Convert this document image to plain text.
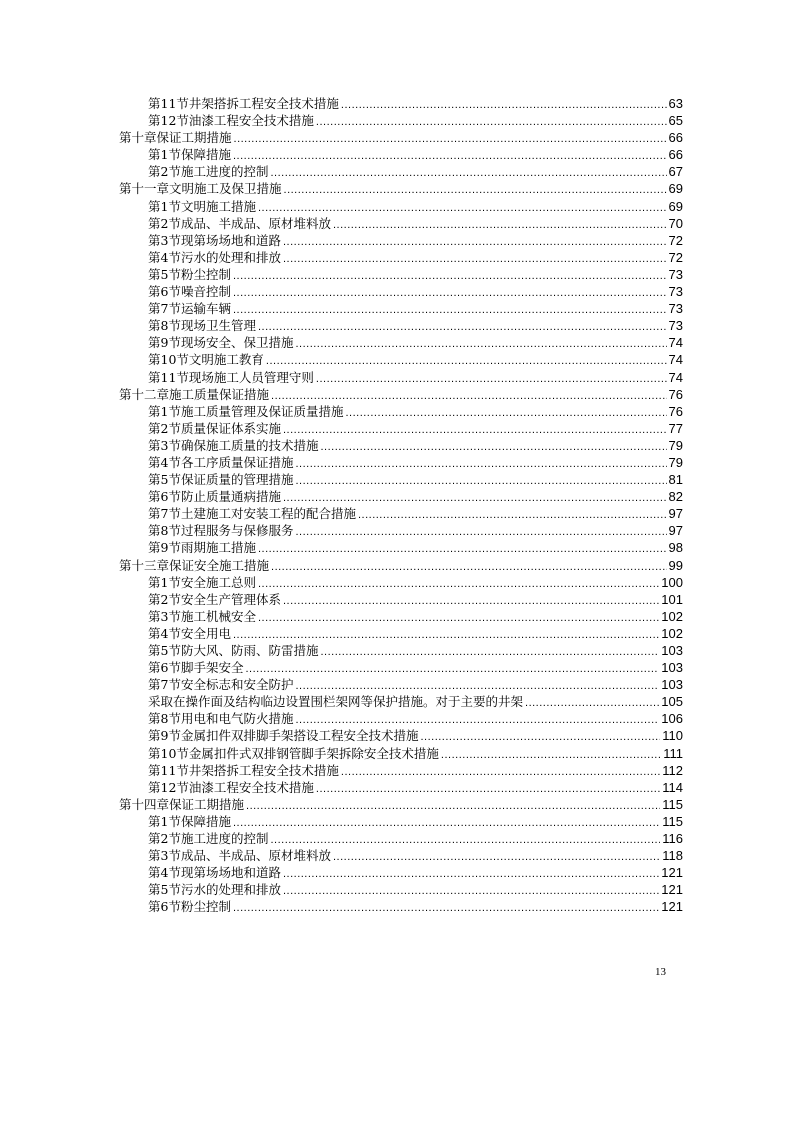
第11节井架搭拆工程安全技术措施 .....	63
第12节油漆工程安全技术措施 .....	65
第十章保证工期措施 .....	66
第1节保障措施 .....	66
第2节施工进度的控制 .....	67
第十一章文明施工及保卫措施 .....	69
第1节文明施工措施 .....	69
第2节成品、半成品、原材堆料放 .....	70
第3节现第场场地和道路 .....	72
第4节污水的处理和排放 .....	72
第5节粉尘控制 .....	73
第6节噪音控制 .....	73
第7节运输车辆 .....	73
第8节现场卫生管理 .....	73
第9节现场安全、保卫措施 .....	74
第10节文明施工教育 .....	74
第11节现场施工人员管理守则 .....	74
第十二章施工质量保证措施 .....	76
第1节施工质量管理及保证质量措施 .....	76
第2节质量保证体系实施 .....	77
第3节确保施工质量的技术措施 .....	79
第4节各工序质量保证措施 .....	79
第5节保证质量的管理措施 .....	81
第6节防止质量通病措施 .....	82
第7节土建施工对安装工程的配合措施 .....	97
第8节过程服务与保修服务 .....	97
第9节雨期施工措施 .....	98
第十三章保证安全施工措施 .....	99
第1节安全施工总则 .....	100
第2节安全生产管理体系 .....	101
第3节施工机械安全 .....	102
第4节安全用电 .....	102
第5节防大风、防雨、防雷措施 .....	103
第6节脚手架安全 .....	103
第7节安全标志和安全防护 .....	103
采取在操作面及结构临边设置围栏架网等保护措施。对于主要的井架 .....	105
第8节用电和电气防火措施 .....	106
第9节金属扣件双排脚手架搭设工程安全技术措施 .....	110
第10节金属扣件式双排钢管脚手架拆除安全技术措施 .....	111
第11节井架搭拆工程安全技术措施 .....	112
第12节油漆工程安全技术措施 .....	114
第十四章保证工期措施 .....	115
第1节保障措施 .....	115
第2节施工进度的控制 .....	116
第3节成品、半成品、原材堆料放 .....	118
第4节现第场场地和道路 .....	121
第5节污水的处理和排放 .....	121
第6节粉尘控制 .....	121
13
